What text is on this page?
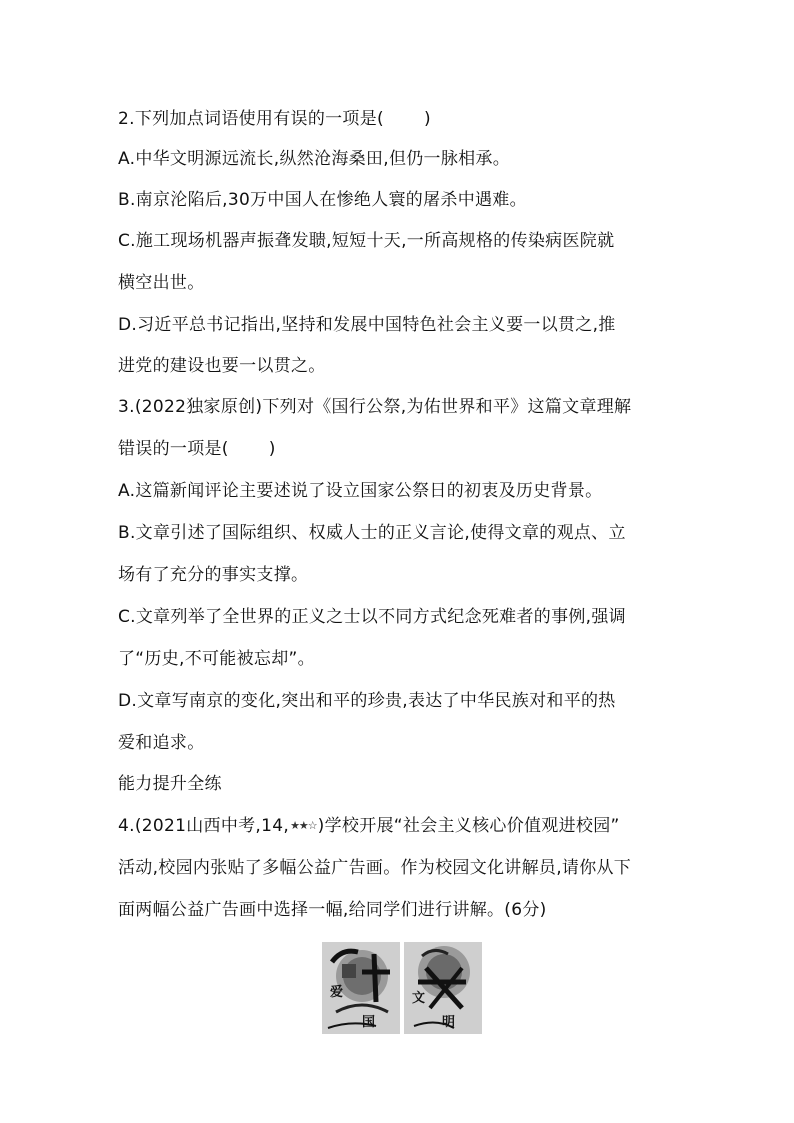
2.下列加点词语使用有误的一项是( )
A.中华文明源远流长,纵然沧海桑田,但仍一脉相承。
B.南京沦陷后,30万中国人在惨绝人寰的屠杀中遇难。
C.施工现场机器声振聋发聩,短短十天,一所高规格的传染病医院就
横空出世。
D.习近平总书记指出,坚持和发展中国特色社会主义要一以贯之,推
进党的建设也要一以贯之。
3.(2022独家原创)下列对《国行公祭,为佑世界和平》这篇文章理解
错误的一项是( )
A.这篇新闻评论主要述说了设立国家公祭日的初衷及历史背景。
B.文章引述了国际组织、权威人士的正义言论,使得文章的观点、立
场有了充分的事实支撑。
C.文章列举了全世界的正义之士以不同方式纪念死难者的事例,强调
了“历史,不可能被忘却”。
D.文章写南京的变化,突出和平的珍贵,表达了中华民族对和平的热
爱和追求。
能力提升全练
4.(2021山西中考,14,★★☆)学校开展“社会主义核心价值观进校园”
活动,校园内张贴了多幅公益广告画。作为校园文化讲解员,请你从下
面两幅公益广告画中选择一幅,给同学们进行讲解。(6分)
爱
国
文
明
